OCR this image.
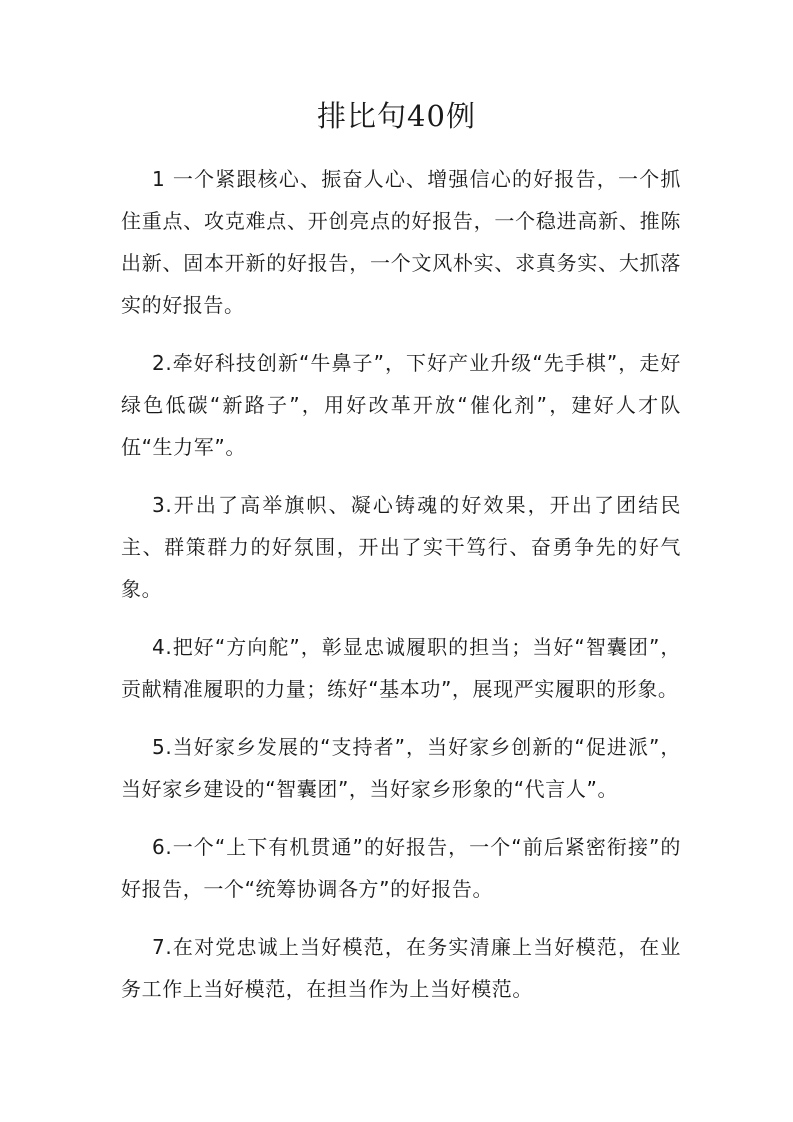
排比句40例

1 一个紧跟核心、振奋人心、增强信心的好报告，一个抓住重点、攻克难点、开创亮点的好报告，一个稳进高新、推陈出新、固本开新的好报告，一个文风朴实、求真务实、大抓落实的好报告。

2.牵好科技创新“牛鼻子”，下好产业升级“先手棋”，走好绿色低碳“新路子”，用好改革开放“催化剂”，建好人才队伍“生力军”。

3.开出了高举旗帜、凝心铸魂的好效果，开出了团结民主、群策群力的好氛围，开出了实干笃行、奋勇争先的好气象。

4.把好“方向舵”，彰显忠诚履职的担当；当好“智囊团”，贡献精准履职的力量；练好“基本功”，展现严实履职的形象。

5.当好家乡发展的“支持者”，当好家乡创新的“促进派”，当好家乡建设的“智囊团”，当好家乡形象的“代言人”。

6.一个“上下有机贯通”的好报告，一个“前后紧密衔接”的好报告，一个“统筹协调各方”的好报告。

7.在对党忠诚上当好模范，在务实清廉上当好模范，在业务工作上当好模范，在担当作为上当好模范。
